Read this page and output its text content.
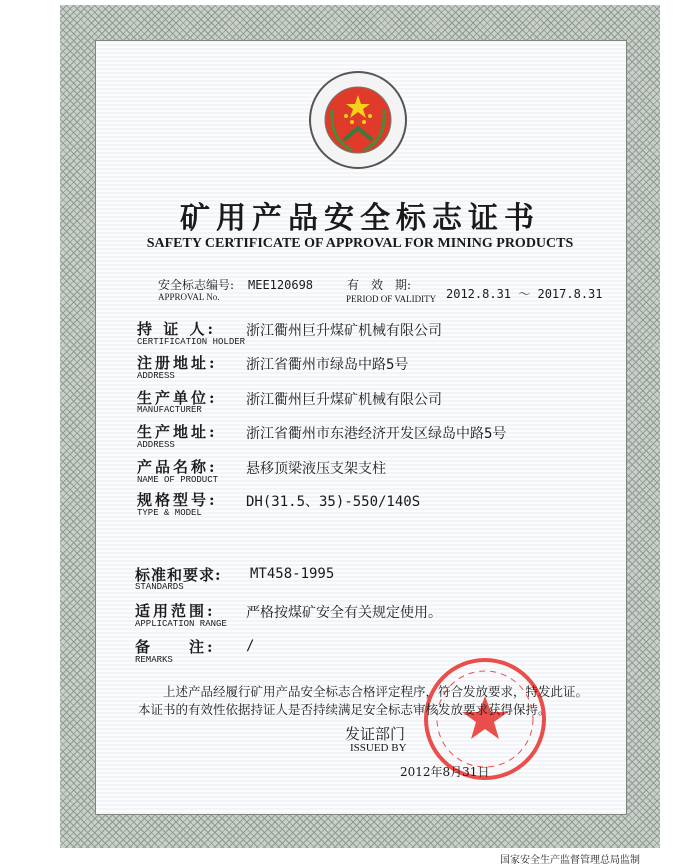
矿用产品安全标志证书
SAFETY CERTIFICATE OF APPROVAL FOR MINING PRODUCTS
安全标志编号: MEE120698
APPROVAL No.
有　效　期:
2012.8.31 ～ 2017.8.31
PERIOD OF VALIDITY
持 证 人: 浙江衢州巨升煤矿机械有限公司
CERTIFICATION HOLDER
注册地址: 浙江省衢州市绿岛中路5号
ADDRESS
生产单位: 浙江衢州巨升煤矿机械有限公司
MANUFACTURER
生产地址: 浙江省衢州市东港经济开发区绿岛中路5号
ADDRESS
产品名称: 悬移顶梁液压支架支柱
NAME OF PRODUCT
规格型号: DH(31.5、35)-550/140S
TYPE & MODEL
标准和要求: MT458-1995
STANDARDS
适用范围: 严格按煤矿安全有关规定使用。
APPLICATION RANGE
备　　注: /
REMARKS
上述产品经履行矿用产品安全标志合格评定程序，符合发放要求，特发此证。本证书的有效性依据持证人是否持续满足安全标志审核发放要求获得保持。
发证部门
ISSUED BY
2012年8月31日
国家安全生产监督管理总局监制
